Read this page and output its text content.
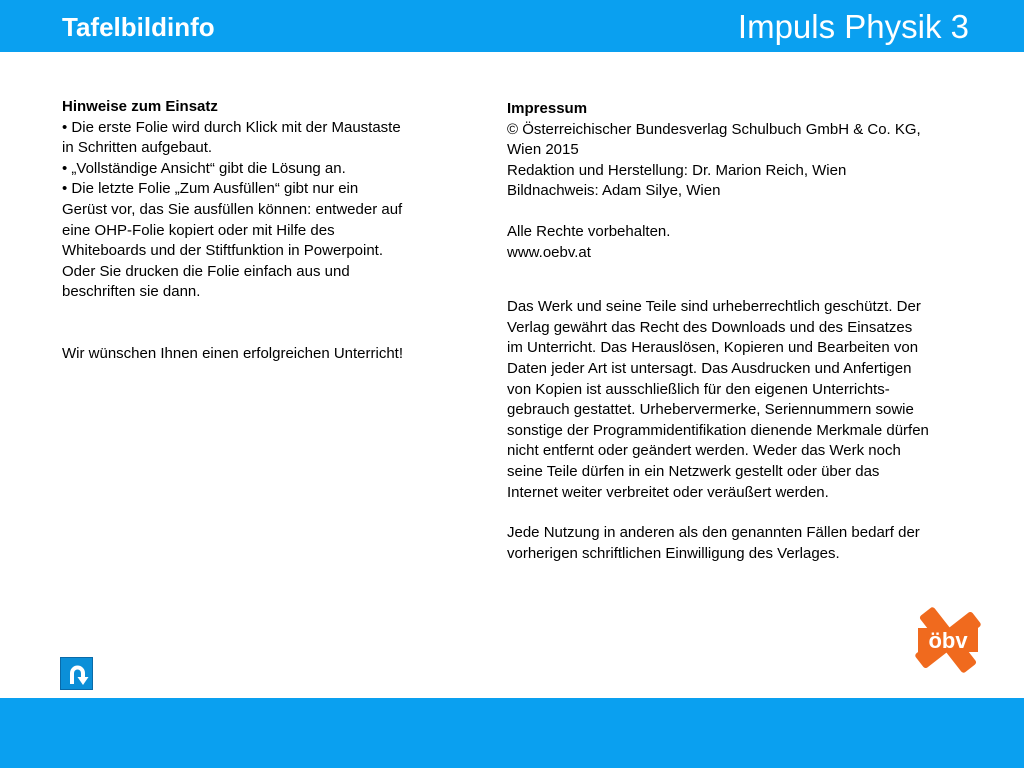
Tafelbildinfo	Impuls Physik 3

Hinweise zum Einsatz

• Die erste Folie wird durch Klick mit der Maustaste

in Schritten aufgebaut.

• „Vollständige Ansicht“ gibt die Lösung an.

• Die letzte Folie „Zum Ausfüllen“ gibt nur ein

Gerüst vor, das Sie ausfüllen können: entweder auf

eine OHP-Folie kopiert oder mit Hilfe des

Whiteboards und der Stiftfunktion in Powerpoint.

Oder Sie drucken die Folie einfach aus und

beschriften sie dann.

Wir wünschen Ihnen einen erfolgreichen Unterricht!

Impressum

© Österreichischer Bundesverlag Schulbuch GmbH & Co. KG,

Wien 2015

Redaktion und Herstellung: Dr. Marion Reich, Wien

Bildnachweis: Adam Silye, Wien

Alle Rechte vorbehalten.

www.oebv.at

Das Werk und seine Teile sind urheberrechtlich geschützt. Der

Verlag gewährt das Recht des Downloads und des Einsatzes

im Unterricht. Das Herauslösen, Kopieren und Bearbeiten von

Daten jeder Art ist untersagt. Das Ausdrucken und Anfertigen

von Kopien ist ausschließlich für den eigenen Unterrichts-

gebrauch gestattet. Urhebervermerke, Seriennummern sowie

sonstige der Programmidentifikation dienende Merkmale dürfen

nicht entfernt oder geändert werden. Weder das Werk noch

seine Teile dürfen in ein Netzwerk gestellt oder über das

Internet weiter verbreitet oder veräußert werden.

Jede Nutzung in anderen als den genannten Fällen bedarf der

vorherigen schriftlichen Einwilligung des Verlages.

öbv
